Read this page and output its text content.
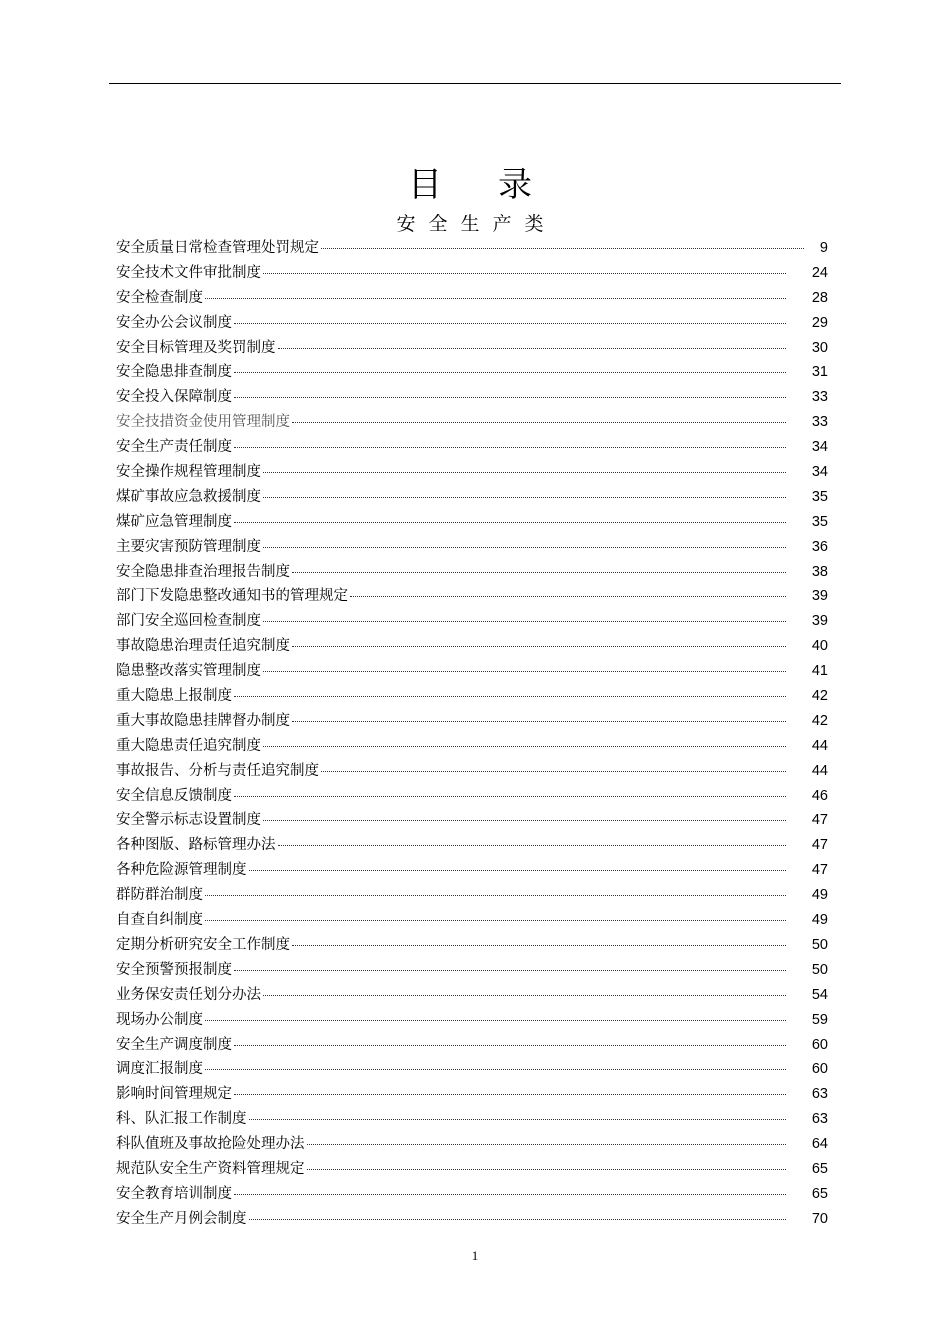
目录
安全生产类
安全质量日常检查管理处罚规定	9
安全技术文件审批制度	24
安全检查制度	28
安全办公会议制度	29
安全目标管理及奖罚制度	30
安全隐患排查制度	31
安全投入保障制度	33
安全技措资金使用管理制度	33
安全生产责任制度	34
安全操作规程管理制度	34
煤矿事故应急救援制度	35
煤矿应急管理制度	35
主要灾害预防管理制度	36
安全隐患排查治理报告制度	38
部门下发隐患整改通知书的管理规定	39
部门安全巡回检查制度	39
事故隐患治理责任追究制度	40
隐患整改落实管理制度	41
重大隐患上报制度	42
重大事故隐患挂牌督办制度	42
重大隐患责任追究制度	44
事故报告、分析与责任追究制度	44
安全信息反馈制度	46
安全警示标志设置制度	47
各种图版、路标管理办法	47
各种危险源管理制度	47
群防群治制度	49
自查自纠制度	49
定期分析研究安全工作制度	50
安全预警预报制度	50
业务保安责任划分办法	54
现场办公制度	59
安全生产调度制度	60
调度汇报制度	60
影响时间管理规定	63
科、队汇报工作制度	63
科队值班及事故抢险处理办法	64
规范队安全生产资料管理规定	65
安全教育培训制度	65
安全生产月例会制度	70
1
